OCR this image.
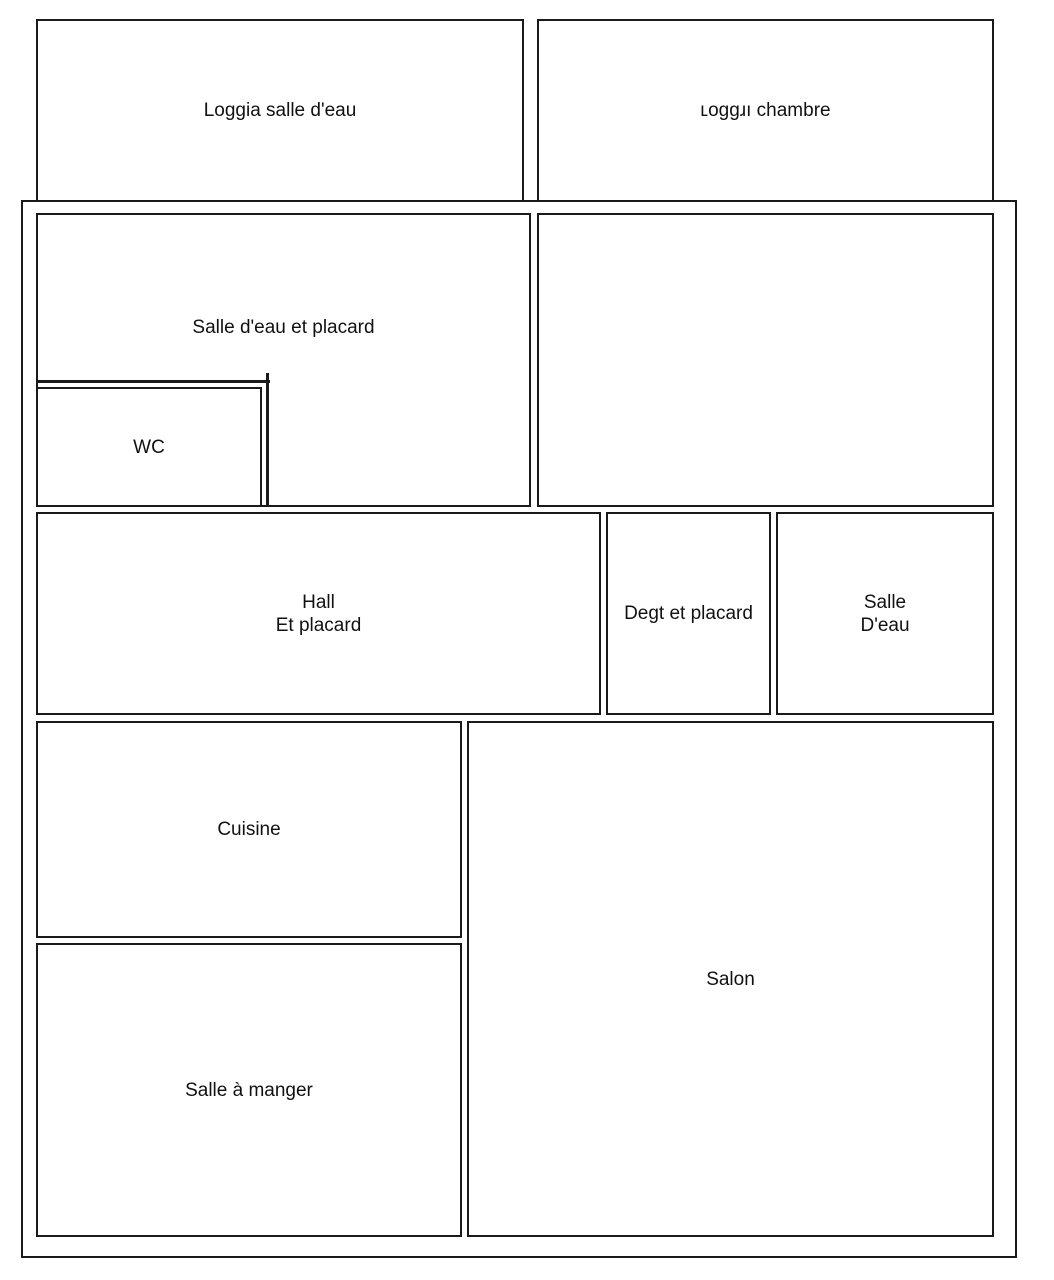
Loggia salle d'eau	ʟoggɹı chambre
Salle d'eau et placard
WC
Hall
Et placard
Degt et placard
Salle
D'eau
Cuisine
Salle à manger
Salon
